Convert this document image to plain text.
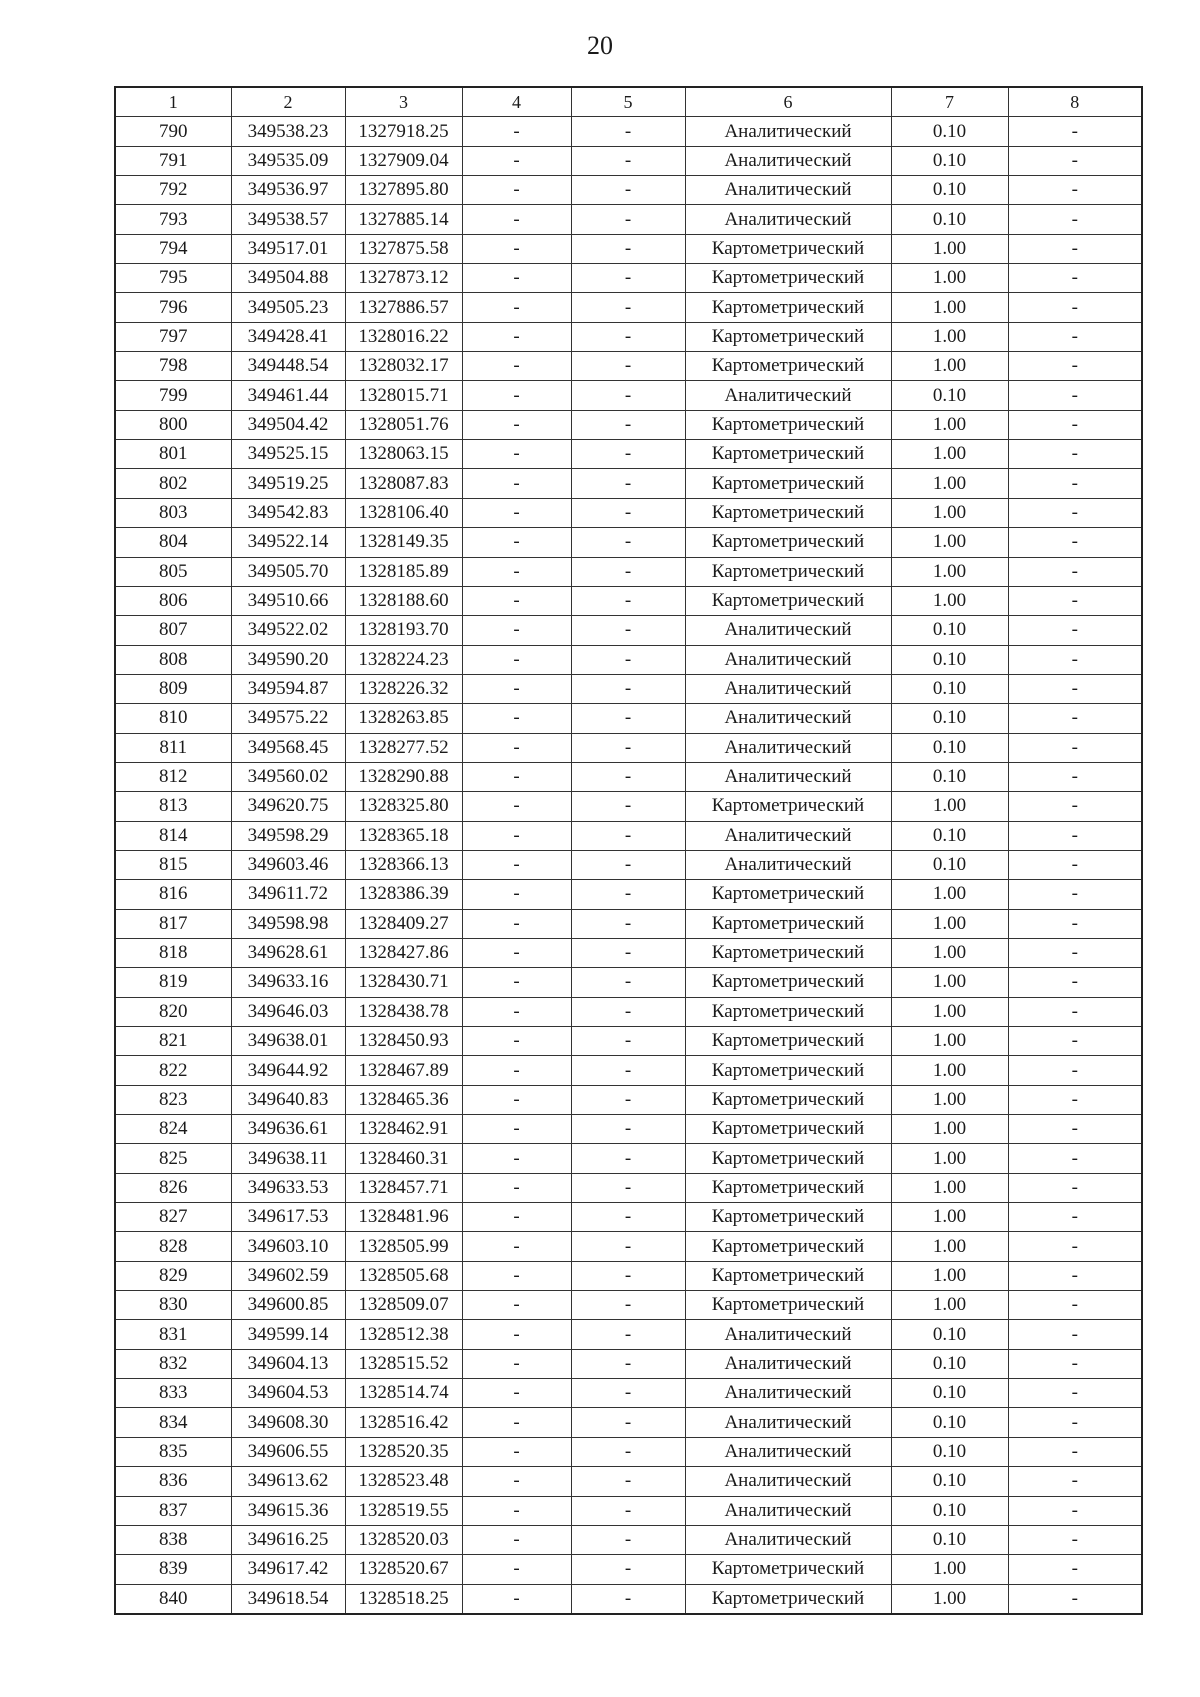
20
1	2	3	4	5	6	7	8
790	349538.23	1327918.25	-	-	Аналитический	0.10	-
791	349535.09	1327909.04	-	-	Аналитический	0.10	-
792	349536.97	1327895.80	-	-	Аналитический	0.10	-
793	349538.57	1327885.14	-	-	Аналитический	0.10	-
794	349517.01	1327875.58	-	-	Картометрический	1.00	-
795	349504.88	1327873.12	-	-	Картометрический	1.00	-
796	349505.23	1327886.57	-	-	Картометрический	1.00	-
797	349428.41	1328016.22	-	-	Картометрический	1.00	-
798	349448.54	1328032.17	-	-	Картометрический	1.00	-
799	349461.44	1328015.71	-	-	Аналитический	0.10	-
800	349504.42	1328051.76	-	-	Картометрический	1.00	-
801	349525.15	1328063.15	-	-	Картометрический	1.00	-
802	349519.25	1328087.83	-	-	Картометрический	1.00	-
803	349542.83	1328106.40	-	-	Картометрический	1.00	-
804	349522.14	1328149.35	-	-	Картометрический	1.00	-
805	349505.70	1328185.89	-	-	Картометрический	1.00	-
806	349510.66	1328188.60	-	-	Картометрический	1.00	-
807	349522.02	1328193.70	-	-	Аналитический	0.10	-
808	349590.20	1328224.23	-	-	Аналитический	0.10	-
809	349594.87	1328226.32	-	-	Аналитический	0.10	-
810	349575.22	1328263.85	-	-	Аналитический	0.10	-
811	349568.45	1328277.52	-	-	Аналитический	0.10	-
812	349560.02	1328290.88	-	-	Аналитический	0.10	-
813	349620.75	1328325.80	-	-	Картометрический	1.00	-
814	349598.29	1328365.18	-	-	Аналитический	0.10	-
815	349603.46	1328366.13	-	-	Аналитический	0.10	-
816	349611.72	1328386.39	-	-	Картометрический	1.00	-
817	349598.98	1328409.27	-	-	Картометрический	1.00	-
818	349628.61	1328427.86	-	-	Картометрический	1.00	-
819	349633.16	1328430.71	-	-	Картометрический	1.00	-
820	349646.03	1328438.78	-	-	Картометрический	1.00	-
821	349638.01	1328450.93	-	-	Картометрический	1.00	-
822	349644.92	1328467.89	-	-	Картометрический	1.00	-
823	349640.83	1328465.36	-	-	Картометрический	1.00	-
824	349636.61	1328462.91	-	-	Картометрический	1.00	-
825	349638.11	1328460.31	-	-	Картометрический	1.00	-
826	349633.53	1328457.71	-	-	Картометрический	1.00	-
827	349617.53	1328481.96	-	-	Картометрический	1.00	-
828	349603.10	1328505.99	-	-	Картометрический	1.00	-
829	349602.59	1328505.68	-	-	Картометрический	1.00	-
830	349600.85	1328509.07	-	-	Картометрический	1.00	-
831	349599.14	1328512.38	-	-	Аналитический	0.10	-
832	349604.13	1328515.52	-	-	Аналитический	0.10	-
833	349604.53	1328514.74	-	-	Аналитический	0.10	-
834	349608.30	1328516.42	-	-	Аналитический	0.10	-
835	349606.55	1328520.35	-	-	Аналитический	0.10	-
836	349613.62	1328523.48	-	-	Аналитический	0.10	-
837	349615.36	1328519.55	-	-	Аналитический	0.10	-
838	349616.25	1328520.03	-	-	Аналитический	0.10	-
839	349617.42	1328520.67	-	-	Картометрический	1.00	-
840	349618.54	1328518.25	-	-	Картометрический	1.00	-
